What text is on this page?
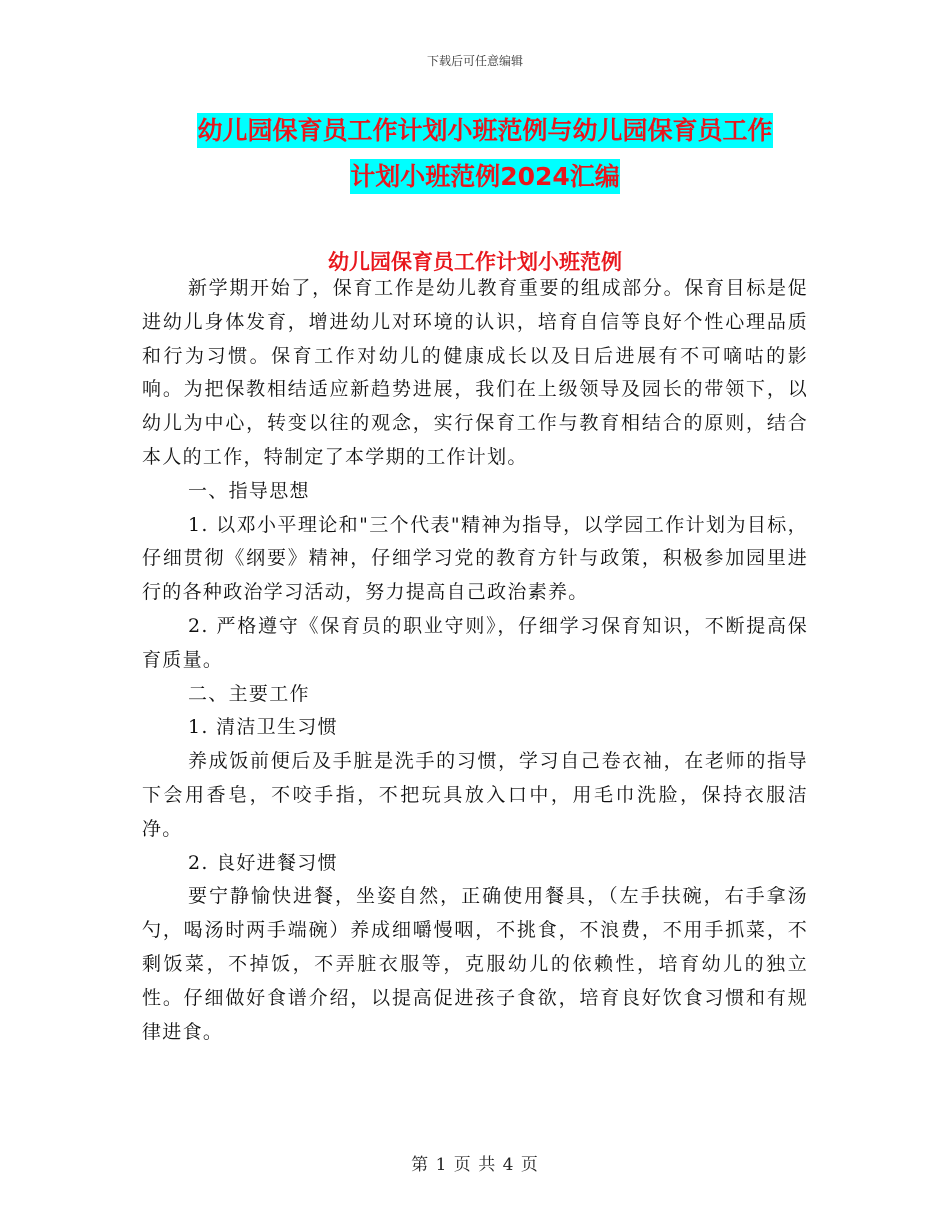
下载后可任意编辑
幼儿园保育员工作计划小班范例与幼儿园保育员工作
计划小班范例2024汇编
幼儿园保育员工作计划小班范例

新学期开始了，保育工作是幼儿教育重要的组成部分。保育目标是促进幼儿身体发育，增进幼儿对环境的认识，培育自信等良好个性心理品质和行为习惯。保育工作对幼儿的健康成长以及日后进展有不可嘀咕的影响。为把保教相结适应新趋势进展，我们在上级领导及园长的带领下，以幼儿为中心，转变以往的观念，实行保育工作与教育相结合的原则，结合本人的工作，特制定了本学期的工作计划。

一、指导思想

1. 以邓小平理论和"三个代表"精神为指导，以学园工作计划为目标，仔细贯彻《纲要》精神，仔细学习党的教育方针与政策，积极参加园里进行的各种政治学习活动，努力提高自己政治素养。

2. 严格遵守《保育员的职业守则》，仔细学习保育知识，不断提高保育质量。

二、主要工作

1. 清洁卫生习惯

养成饭前便后及手脏是洗手的习惯，学习自己卷衣袖，在老师的指导下会用香皂，不咬手指，不把玩具放入口中，用毛巾洗脸，保持衣服洁净。

2. 良好进餐习惯

要宁静愉快进餐，坐姿自然，正确使用餐具，（左手扶碗，右手拿汤勺，喝汤时两手端碗）养成细嚼慢咽，不挑食，不浪费，不用手抓菜，不剩饭菜，不掉饭，不弄脏衣服等，克服幼儿的依赖性，培育幼儿的独立性。仔细做好食谱介绍，以提高促进孩子食欲，培育良好饮食习惯和有规律进食。

第 1 页 共 4 页
